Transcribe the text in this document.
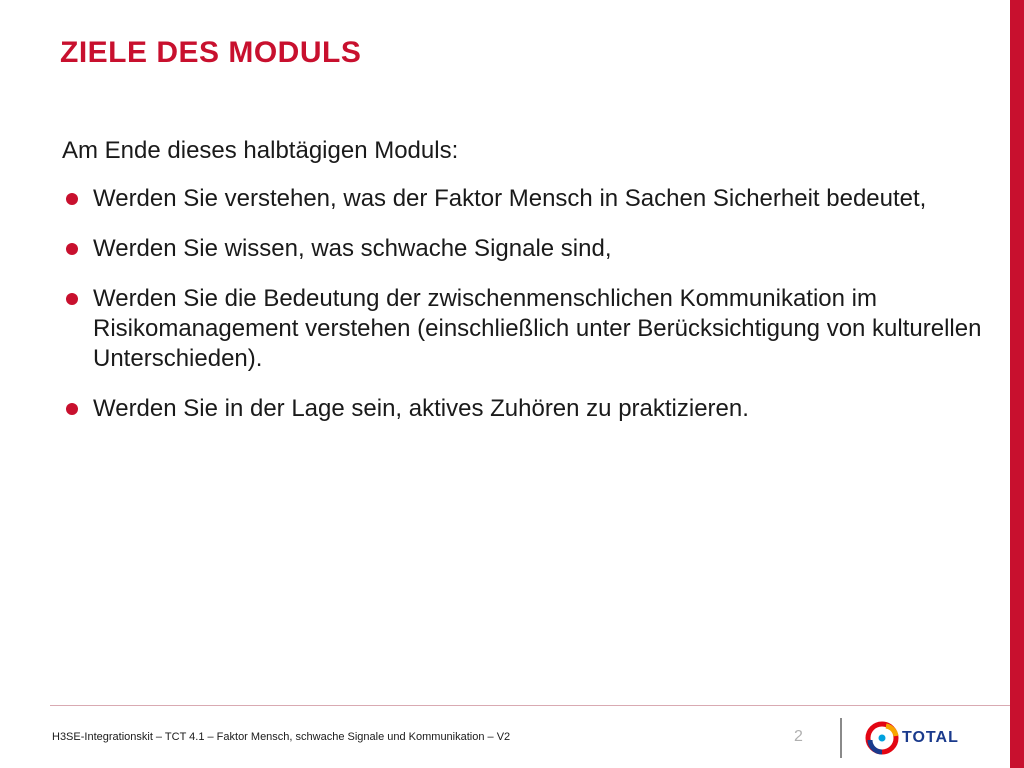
ZIELE DES MODULS
Am Ende dieses halbtägigen Moduls:
Werden Sie verstehen, was der Faktor Mensch in Sachen Sicherheit bedeutet,
Werden Sie wissen, was schwache Signale sind,
Werden Sie die Bedeutung der zwischenmenschlichen Kommunikation im Risikomanagement verstehen (einschließlich unter Berücksichtigung von kulturellen Unterschieden).
Werden Sie in der Lage sein, aktives Zuhören zu praktizieren.
H3SE-Integrationskit – TCT 4.1 – Faktor Mensch, schwache Signale und Kommunikation – V2	2	TOTAL
